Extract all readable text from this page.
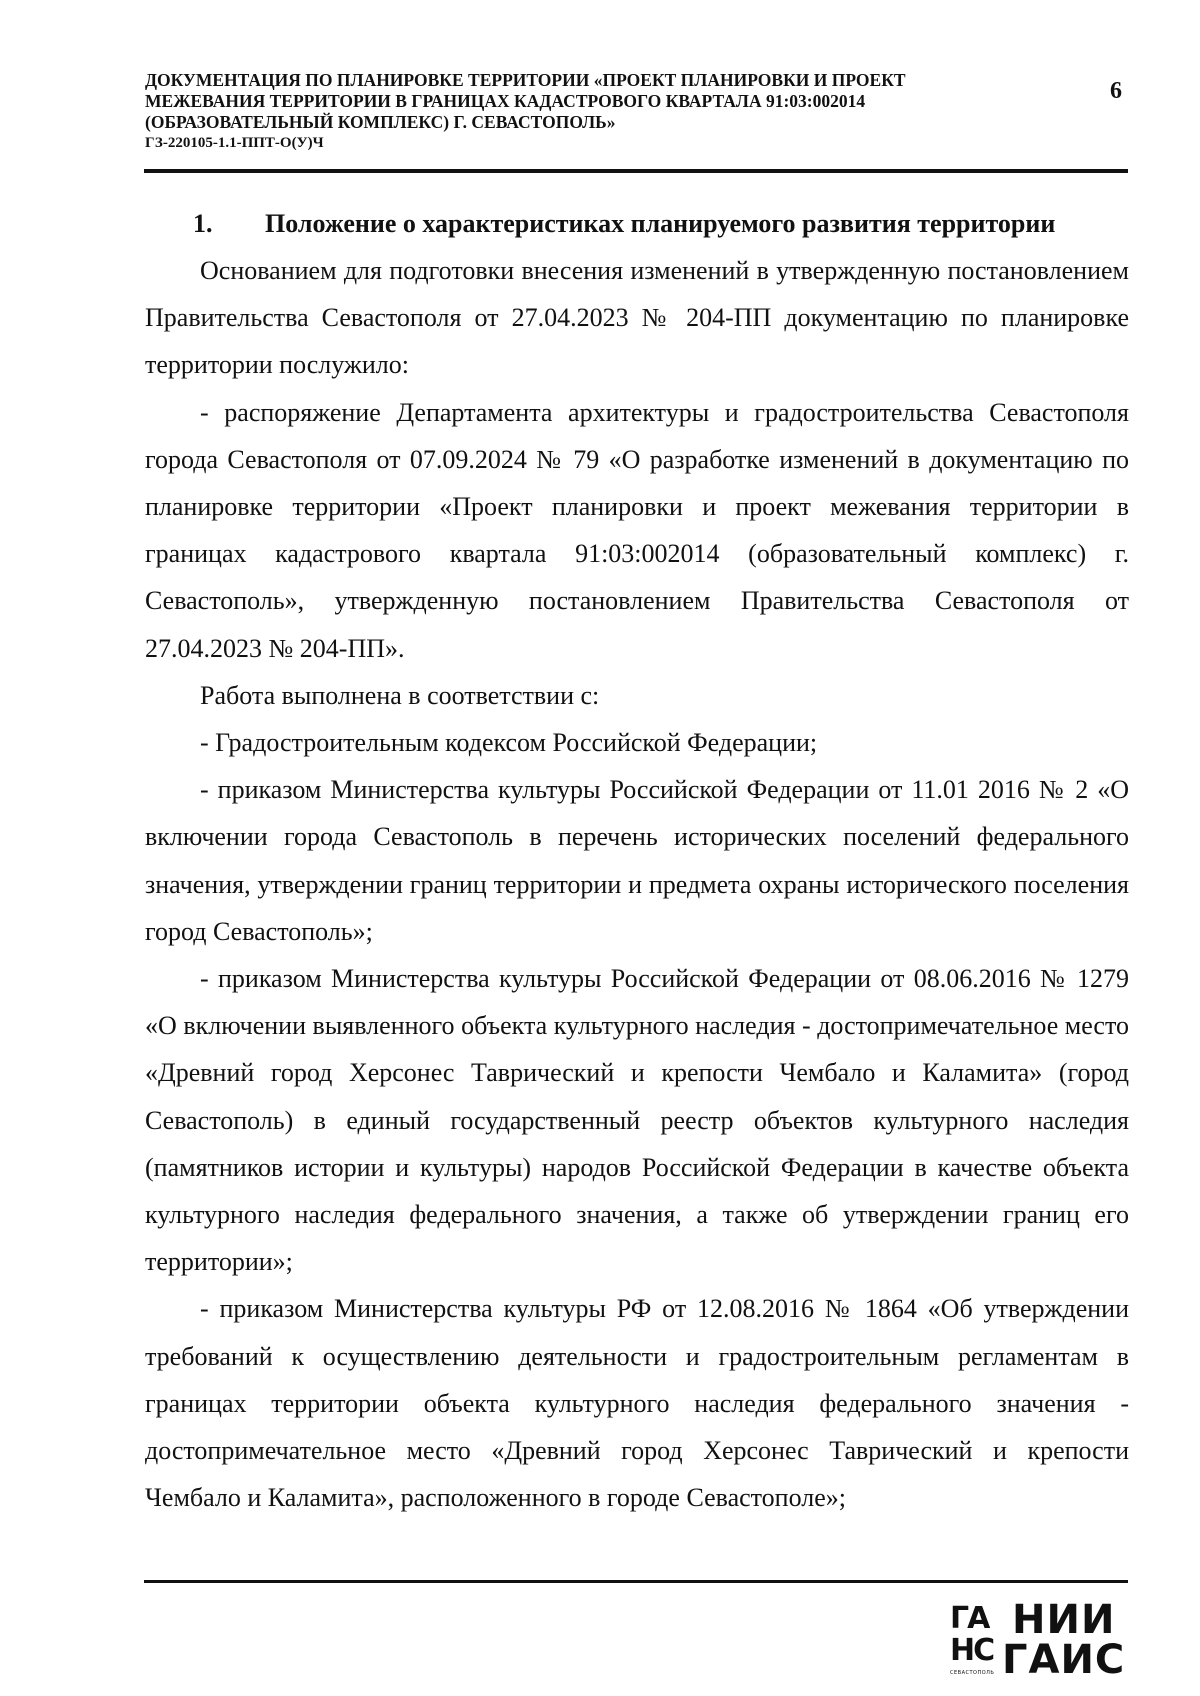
ДОКУМЕНТАЦИЯ ПО ПЛАНИРОВКЕ ТЕРРИТОРИИ «ПРОЕКТ ПЛАНИРОВКИ И ПРОЕКТ
МЕЖЕВАНИЯ ТЕРРИТОРИИ В ГРАНИЦАХ КАДАСТРОВОГО КВАРТАЛА 91:03:002014
(ОБРАЗОВАТЕЛЬНЫЙ КОМПЛЕКС) Г. СЕВАСТОПОЛЬ»
ГЗ-220105-1.1-ППТ-О(У)Ч
6
1. Положение о характеристиках планируемого развития территории

Основанием для подготовки внесения изменений в утвержденную постановлением Правительства Севастополя от 27.04.2023 № 204-ПП документацию по планировке территории послужило:

- распоряжение Департамента архитектуры и градостроительства Севастополя города Севастополя от 07.09.2024 № 79 «О разработке изменений в документацию по планировке территории «Проект планировки и проект межевания территории в границах кадастрового квартала 91:03:002014 (образовательный комплекс) г. Севастополь», утвержденную постановлением Правительства Севастополя от 27.04.2023 № 204-ПП».

Работа выполнена в соответствии с:

- Градостроительным кодексом Российской Федерации;

- приказом Министерства культуры Российской Федерации от 11.01 2016 № 2 «О включении города Севастополь в перечень исторических поселений федерального значения, утверждении границ территории и предмета охраны исторического поселения город Севастополь»;

- приказом Министерства культуры Российской Федерации от 08.06.2016 № 1279 «О включении выявленного объекта культурного наследия - достопримечательное место «Древний город Херсонес Таврический и крепости Чембало и Каламита» (город Севастополь) в единый государственный реестр объектов культурного наследия (памятников истории и культуры) народов Российской Федерации в качестве объекта культурного наследия федерального значения, а также об утверждении границ его территории»;

- приказом Министерства культуры РФ от 12.08.2016 № 1864 «Об утверждении требований к осуществлению деятельности и градостроительным регламентам в границах территории объекта культурного наследия федерального значения - достопримечательное место «Древний город Херсонес Таврический и крепости Чембало и Каламита», расположенного в городе Севастополе»;

ГА
НС
СЕВАСТОПОЛЬ
НИИ
ГАИС
